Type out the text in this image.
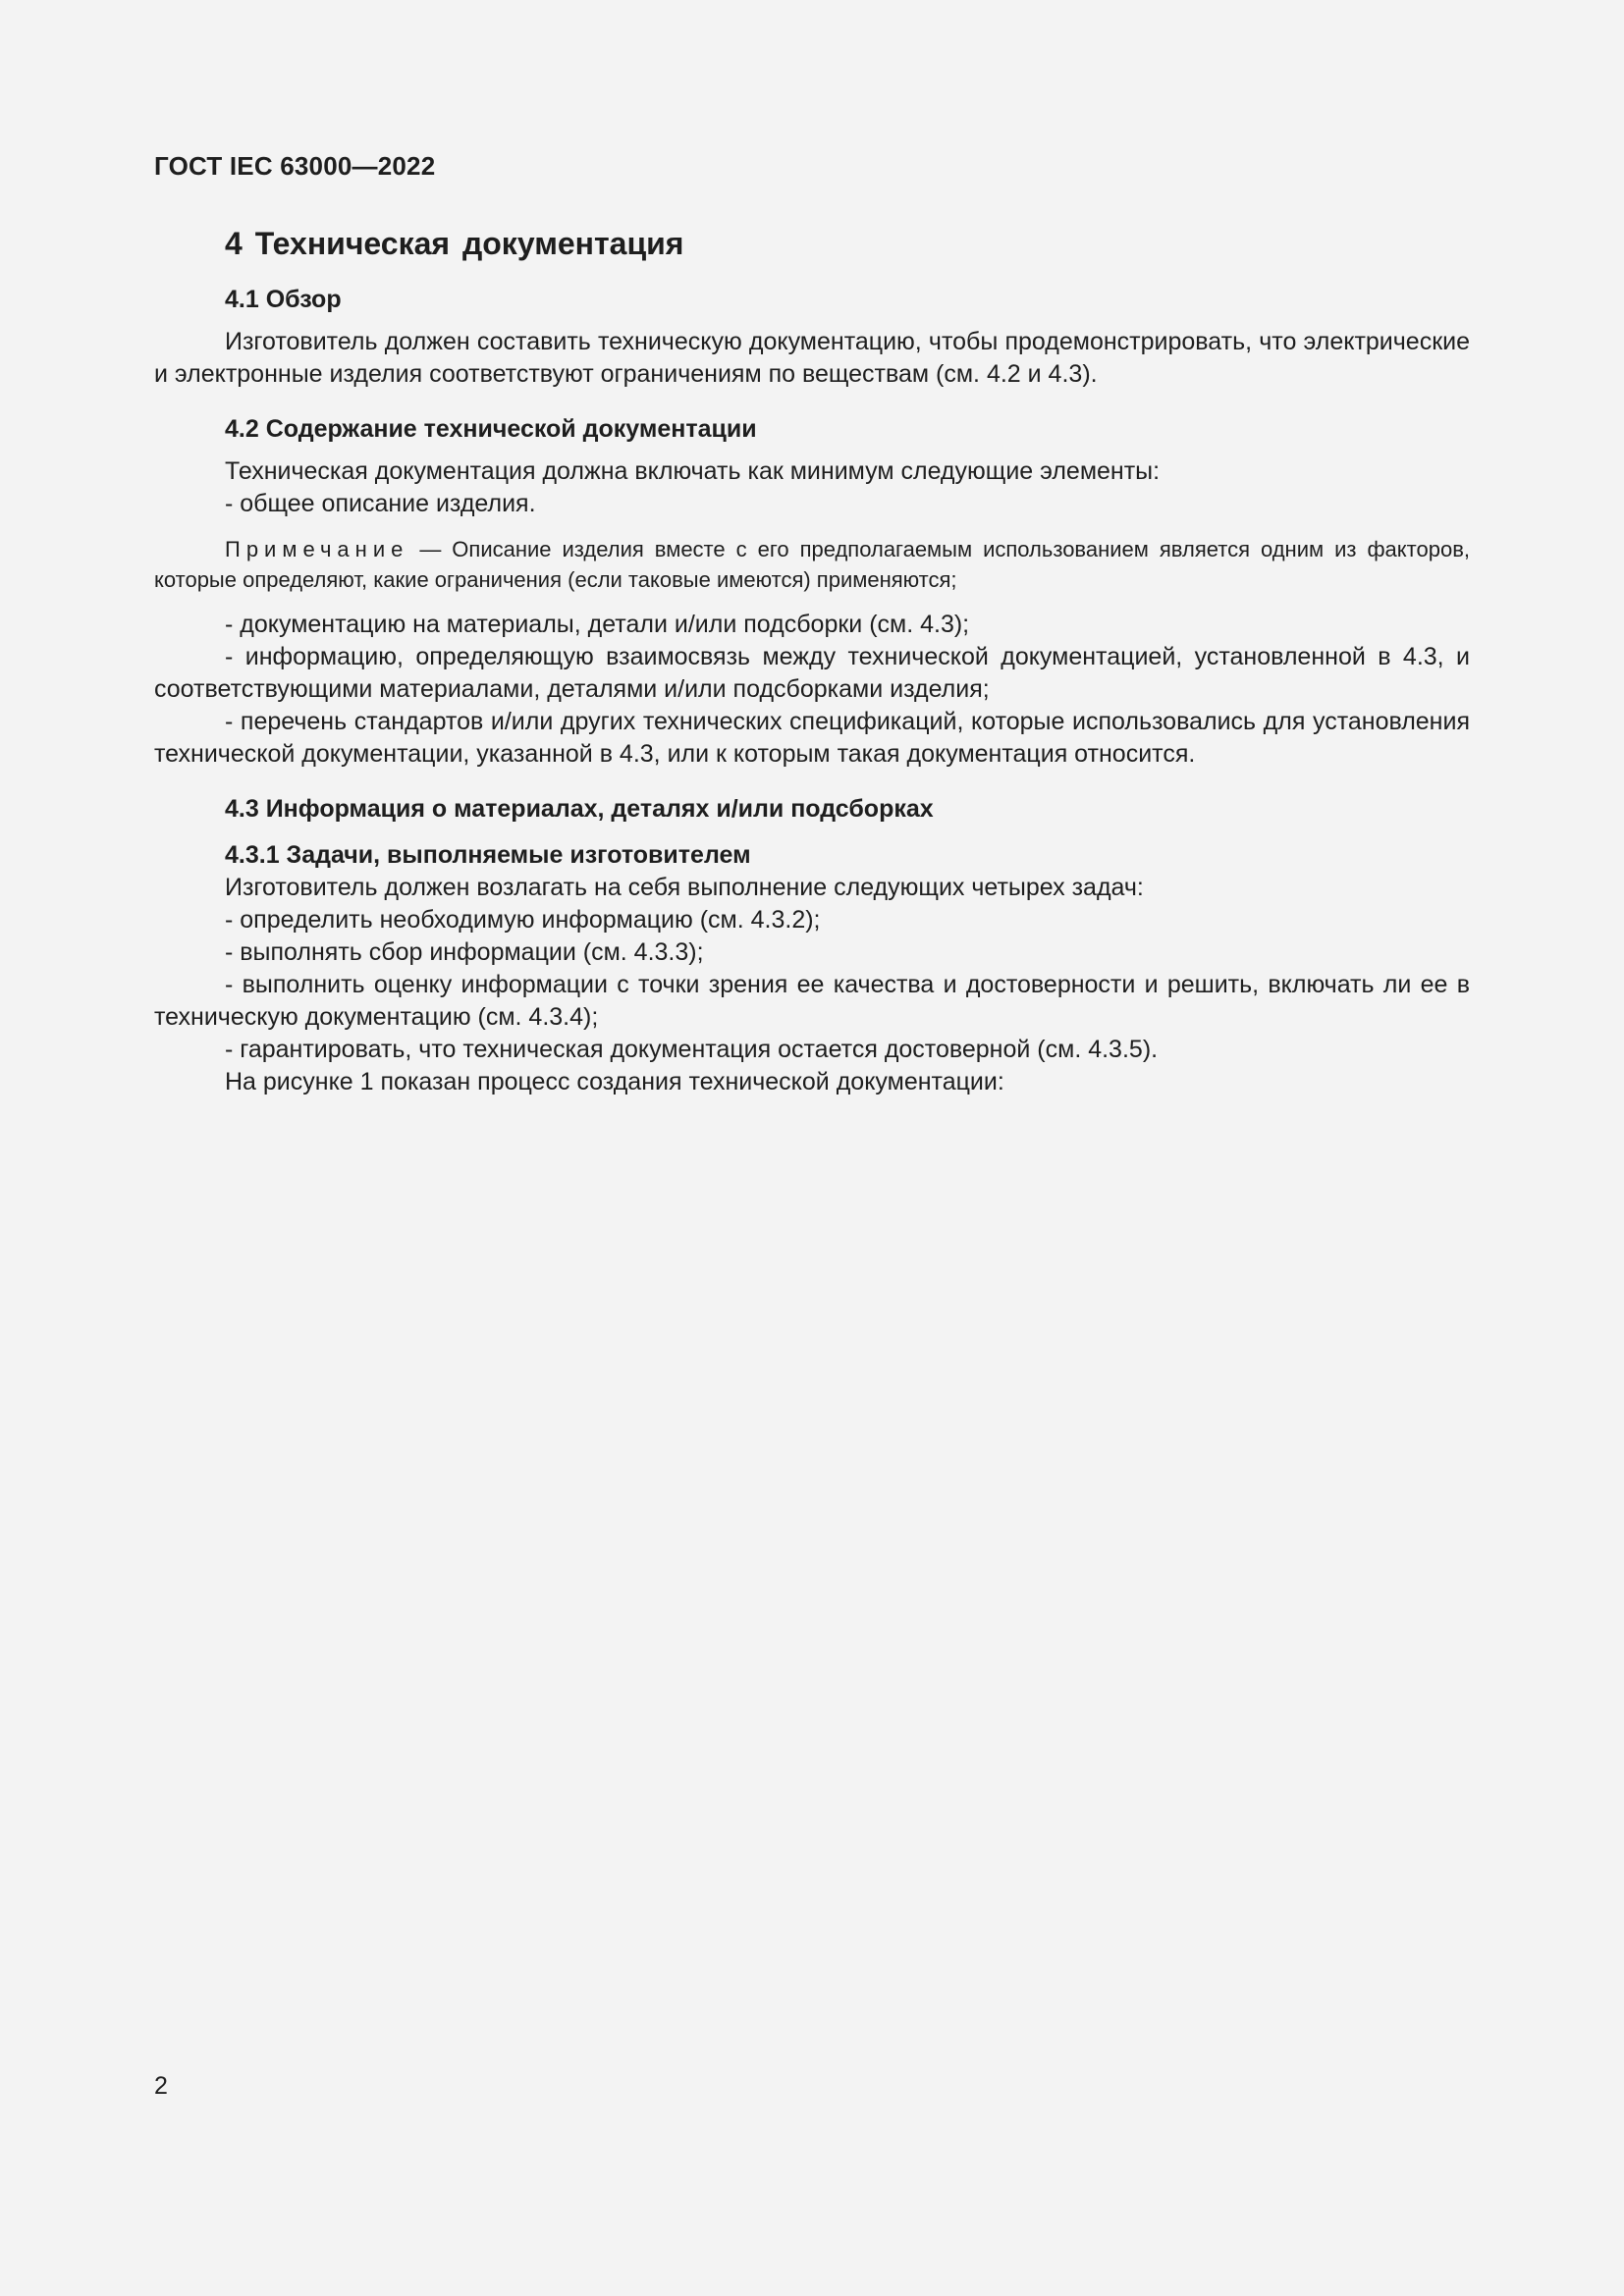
ГОСТ IEC 63000—2022
4 Техническая документация
4.1 Обзор

Изготовитель должен составить техническую документацию, чтобы продемонстрировать, что электрические и электронные изделия соответствуют ограничениям по веществам (см. 4.2 и 4.3).

4.2 Содержание технической документации

Техническая документация должна включать как минимум следующие элементы:

- общее описание изделия.

Примечание — Описание изделия вместе с его предполагаемым использованием является одним из факторов, которые определяют, какие ограничения (если таковые имеются) применяются;

- документацию на материалы, детали и/или подсборки (см. 4.3);

- информацию, определяющую взаимосвязь между технической документацией, установленной в 4.3, и соответствующими материалами, деталями и/или подсборками изделия;

- перечень стандартов и/или других технических спецификаций, которые использовались для установления технической документации, указанной в 4.3, или к которым такая документация относится.

4.3 Информация о материалах, деталях и/или подсборках
4.3.1 Задачи, выполняемые изготовителем

Изготовитель должен возлагать на себя выполнение следующих четырех задач:

- определить необходимую информацию (см. 4.3.2);

- выполнять сбор информации (см. 4.3.3);

- выполнить оценку информации с точки зрения ее качества и достоверности и решить, включать ли ее в техническую документацию (см. 4.3.4);

- гарантировать, что техническая документация остается достоверной (см. 4.3.5).

На рисунке 1 показан процесс создания технической документации:

2
